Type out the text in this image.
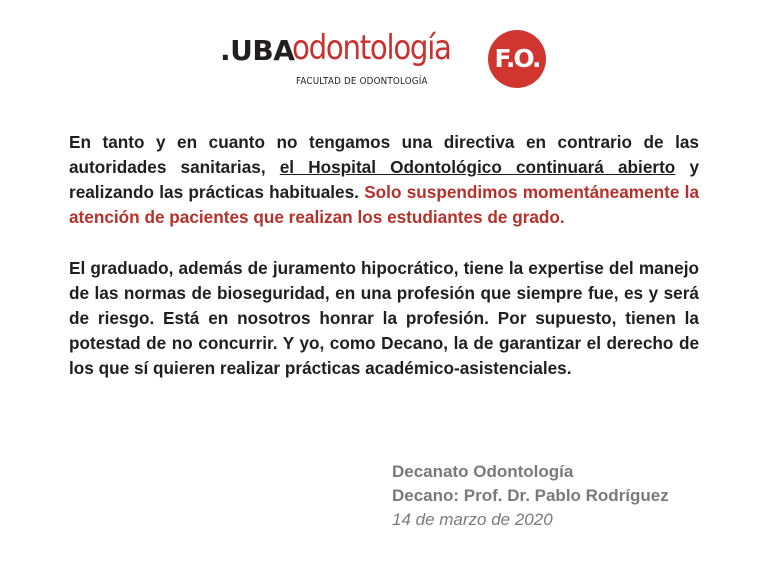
.UBA
odontología
FACULTAD DE ODONTOLOGÍA
F.O.

En tanto y en cuanto no tengamos una directiva en contrario de las autoridades sanitarias, el Hospital Odontológico continuará abierto y realizando las prácticas habituales. Solo suspendimos momentáneamente la atención de pacientes que realizan los estudiantes de grado.

El graduado, además de juramento hipocrático, tiene la expertise del manejo de las normas de bioseguridad, en una profesión que siempre fue, es y será de riesgo. Está en nosotros honrar la profesión. Por supuesto, tienen la potestad de no concurrir. Y yo, como Decano, la de garantizar el derecho de los que sí quieren realizar prácticas académico-asistenciales.

Decanato Odontología
Decano: Prof. Dr. Pablo Rodríguez
14 de marzo de 2020
